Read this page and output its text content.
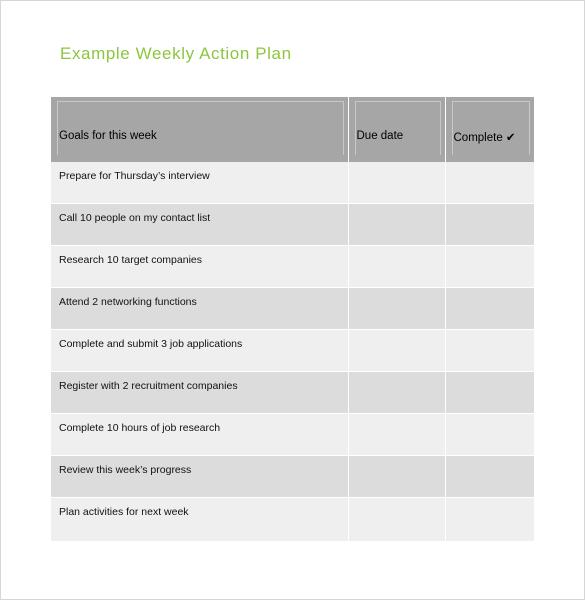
Example Weekly Action Plan
Goals for this week	Due date	Complete ✔

Prepare for Thursday’s interview		

Call 10 people on my contact list		

Research 10 target companies		

Attend 2 networking functions		

Complete and submit 3 job applications		

Register with 2 recruitment companies		

Complete 10 hours of job research		

Review this week’s progress		

Plan activities for next week		
